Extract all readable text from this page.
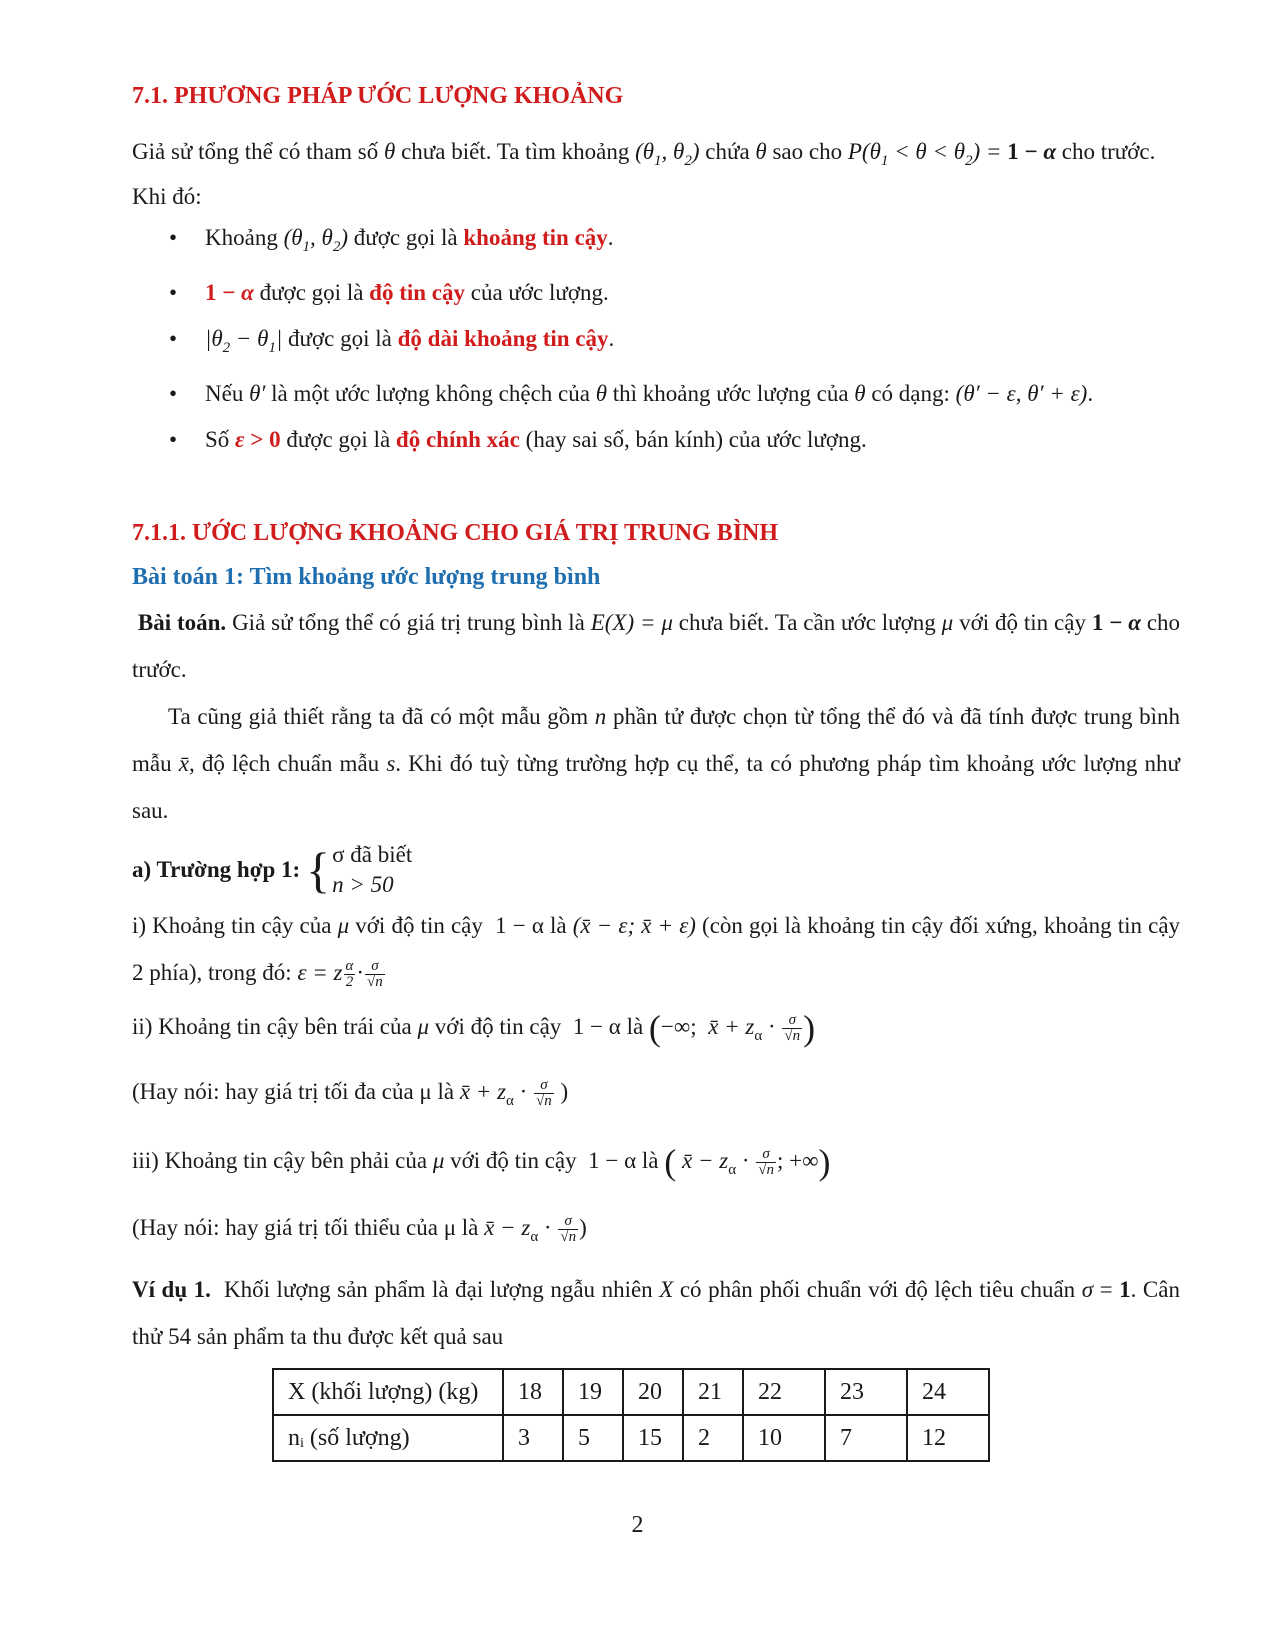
7.1. PHƯƠNG PHÁP ƯỚC LƯỢNG KHOẢNG

Giả sử tổng thể có tham số θ chưa biết. Ta tìm khoảng ($\theta_1$, $\theta_2$) chứa θ sao cho $P(\theta_1 < \theta < \theta_2) = 1 - \alpha$ cho trước.

Khi đó:

• Khoảng ($\theta_1$, $\theta_2$) được gọi là khoảng tin cậy.
• 1 − α được gọi là độ tin cậy của ước lượng.
• $|\theta_2 - \theta_1|$ được gọi là độ dài khoảng tin cậy.
• Nếu θ′ là một ước lượng không chệch của θ thì khoảng ước lượng của θ có dạng: (θ′ − ε, θ′ + ε).
• Số ε > 0 được gọi là độ chính xác (hay sai số, bán kính) của ước lượng.

7.1.1. ƯỚC LƯỢNG KHOẢNG CHO GIÁ TRỊ TRUNG BÌNH

Bài toán 1: Tìm khoảng ước lượng trung bình

Bài toán. Giả sử tổng thể có giá trị trung bình là E(X) = μ chưa biết. Ta cần ước lượng μ với độ tin cậy 1 − α cho trước.

Ta cũng giả thiết rằng ta đã có một mẫu gồm n phần tử được chọn từ tổng thể đó và đã tính được trung bình mẫu x̄, độ lệch chuẩn mẫu s. Khi đó tuỳ từng trường hợp cụ thể, ta có phương pháp tìm khoảng ước lượng như sau.

a) Trường hợp 1: { σ đã biết
n > 50

i) Khoảng tin cậy của μ với độ tin cậy  1 − α là (x̄ − ε; x̄ + ε) (còn gọi là khoảng tin cậy đối xứng, khoảng tin cậy 2 phía), trong đó: ε = z $\frac{\alpha}{2} \cdot \frac{\sigma}{√n}$

ii) Khoảng tin cậy bên trái của μ với độ tin cậy  1 − α là (−∞;  x̄ + $z_\alpha \cdot \frac{\sigma}{√n}$ )

(Hay nói: hay giá trị tối đa của μ là x̄ + $z_\alpha \cdot \frac{\sigma}{√n}$ )

iii) Khoảng tin cậy bên phải của μ với độ tin cậy  1 − α là ( x̄ − $z_\alpha \cdot \frac{\sigma}{√n}$ ; +∞)

(Hay nói: hay giá trị tối thiểu của μ là x̄ − $z_\alpha \cdot \frac{\sigma}{√n}$ )

Ví dụ 1. Khối lượng sản phẩm là đại lượng ngẫu nhiên X có phân phối chuẩn với độ lệch tiêu chuẩn σ = 1. Cân thử 54 sản phẩm ta thu được kết quả sau

X (khối lượng) (kg)	18	19	20	21	22	23	24
nᵢ (số lượng)	3	5	15	2	10	7	12
2
